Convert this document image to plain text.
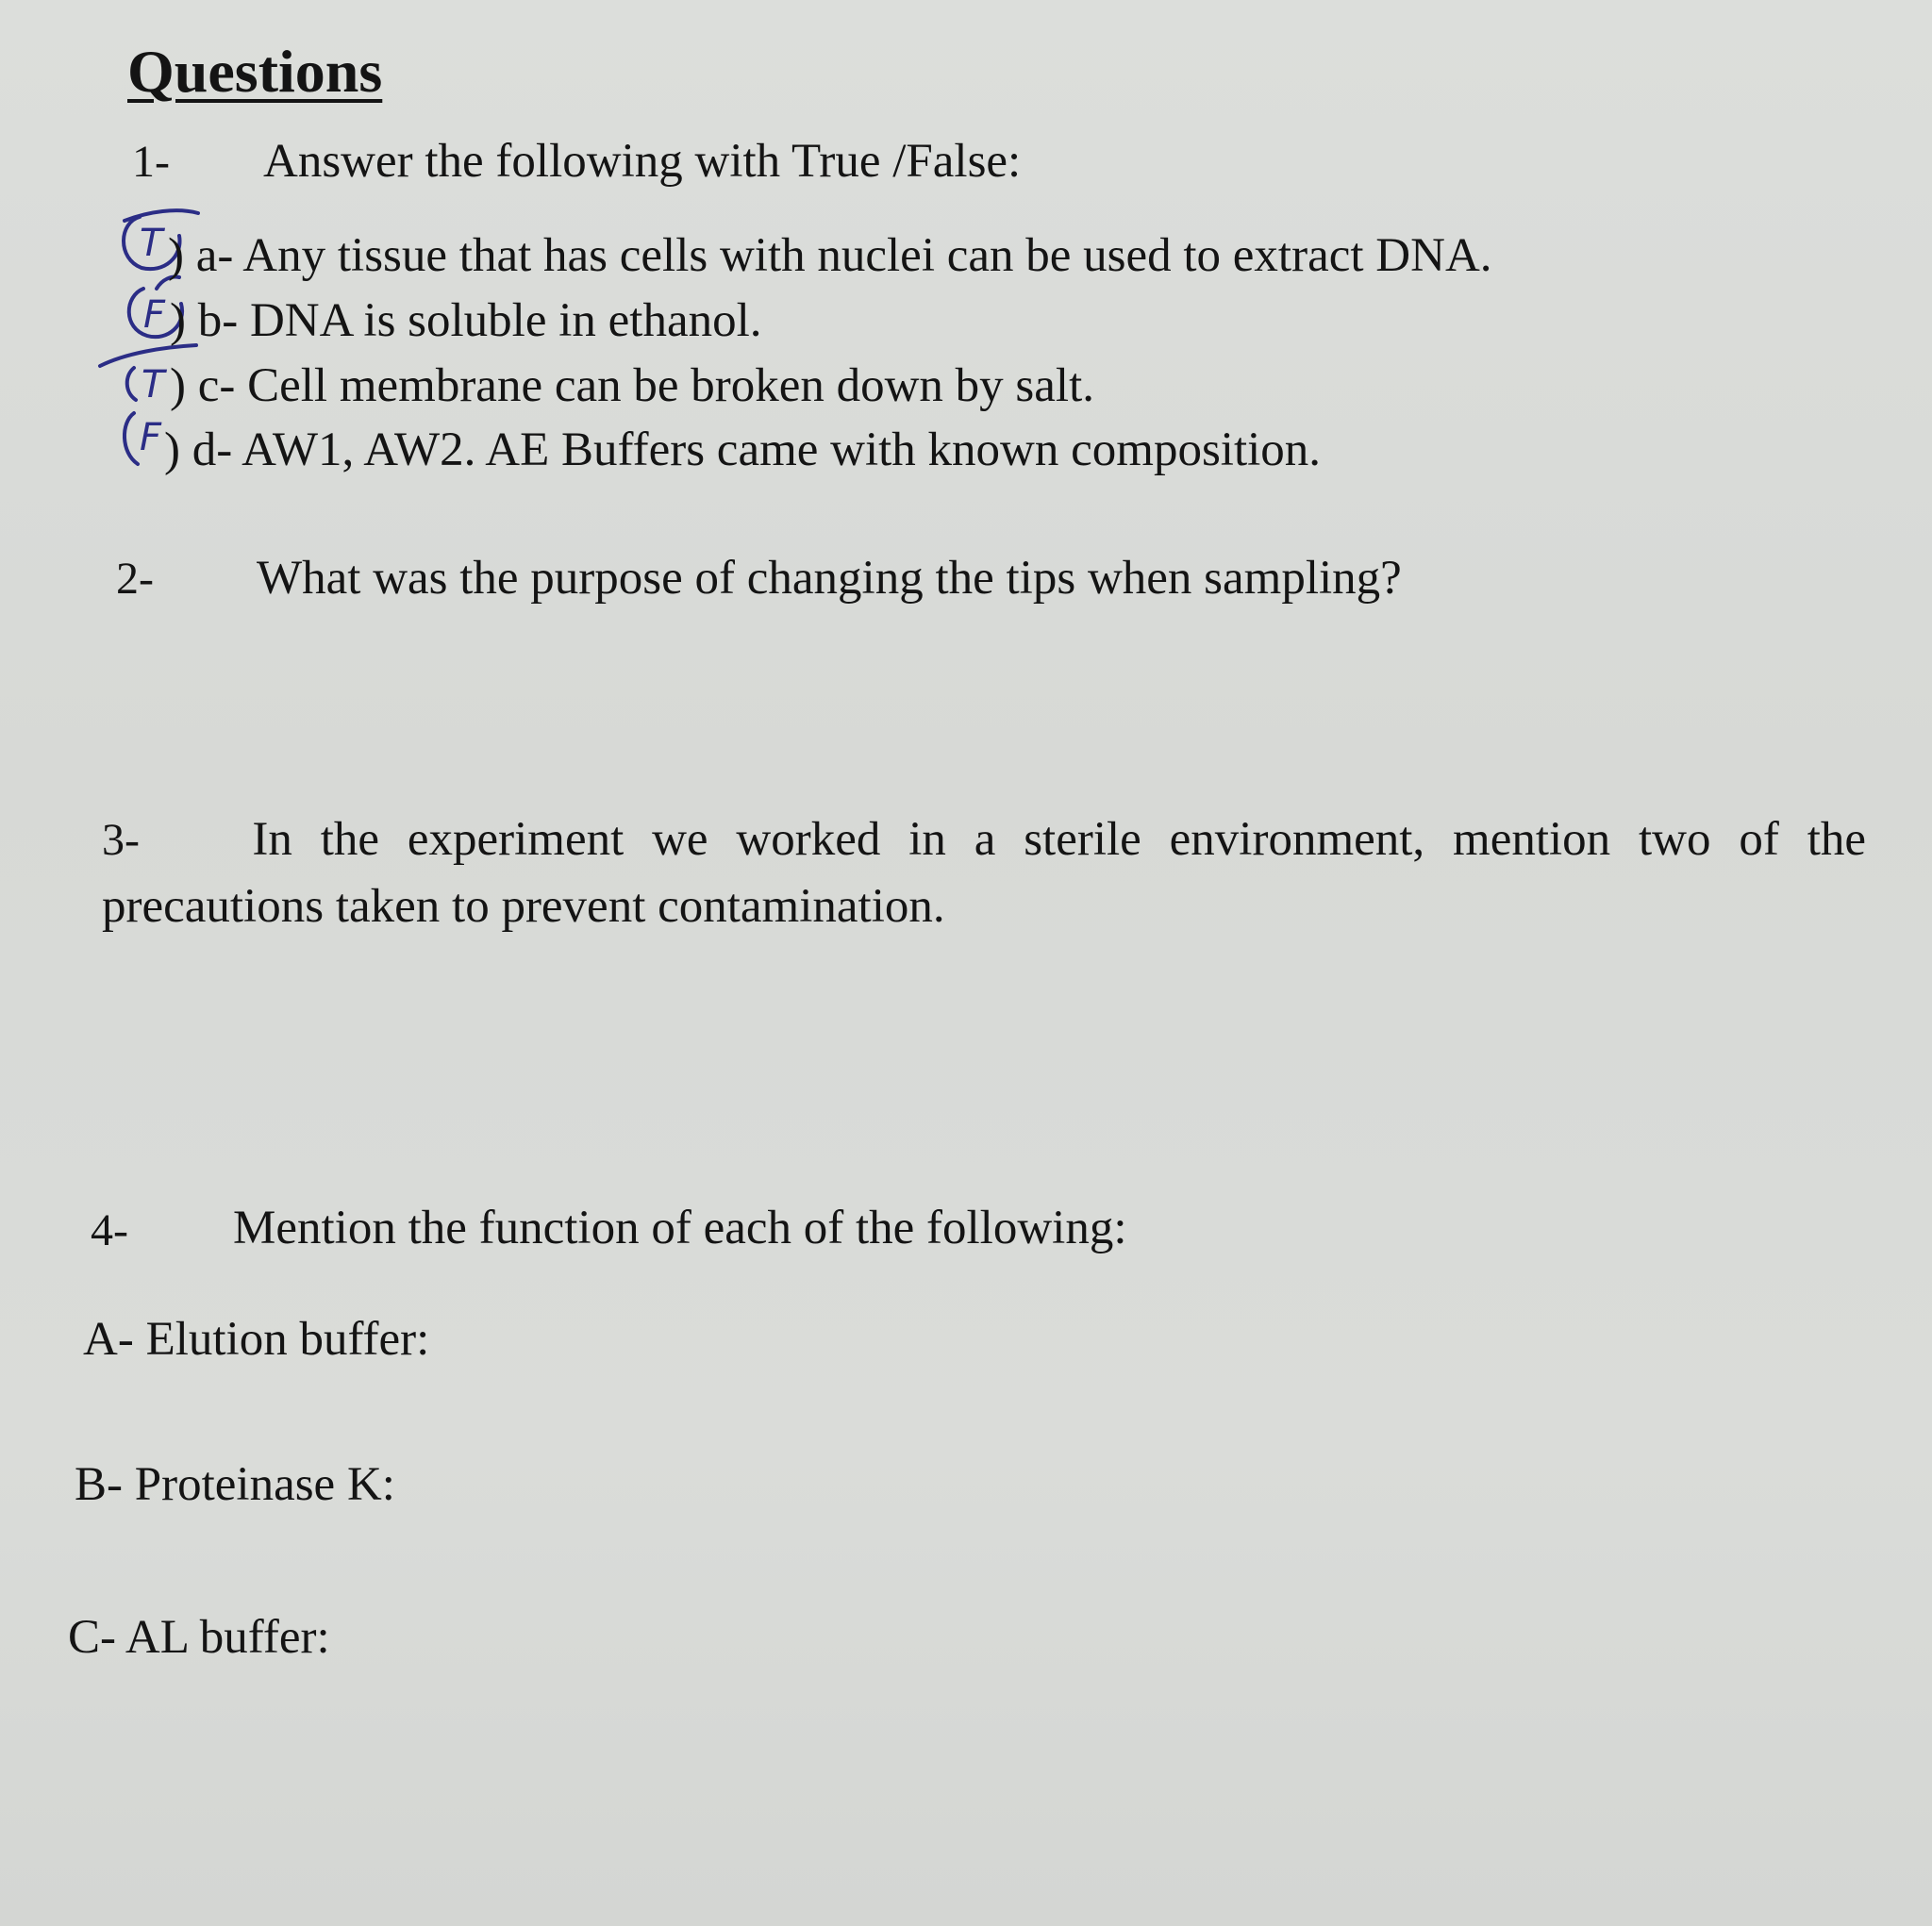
Questions
1- Answer the following with True /False:
T
F
T
F
) a- Any tissue that has cells with nuclei can be used to extract DNA.
) b- DNA is soluble in ethanol.
) c- Cell membrane can be broken down by salt.
) d- AW1, AW2. AE Buffers came with known composition.
2- What was the purpose of changing the tips when sampling?
3- In the experiment we worked in a sterile environment, mention two of the
precautions taken to prevent contamination.
4- Mention the function of each of the following:
A- Elution buffer:
B- Proteinase K:
C- AL buffer:
